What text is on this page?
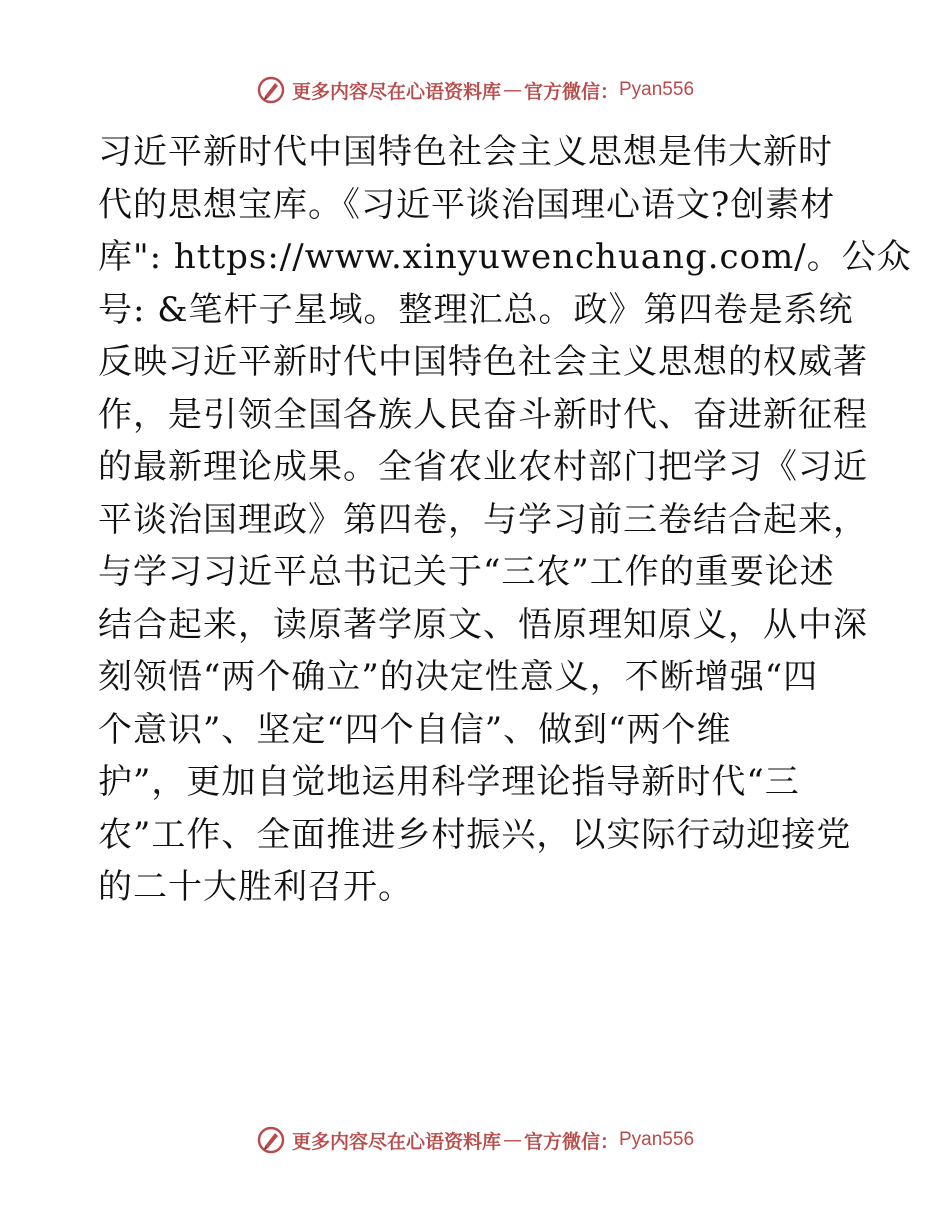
更多内容尽在心语资料库 — 官方微信： Pyan556
习近平新时代中国特色社会主义思想是伟大新时
代的思想宝库。《习近平谈治国理心语文?创素材
库": https://www.xinyuwenchuang.com/。公众
号: &笔杆子星域。整理汇总。政》第四卷是系统
反映习近平新时代中国特色社会主义思想的权威著
作，是引领全国各族人民奋斗新时代、奋进新征程
的最新理论成果。全省农业农村部门把学习《习近
平谈治国理政》第四卷，与学习前三卷结合起来，
与学习习近平总书记关于“三农”工作的重要论述
结合起来，读原著学原文、悟原理知原义，从中深
刻领悟“两个确立”的决定性意义，不断增强“四
个意识”、坚定“四个自信”、做到“两个维
护”，更加自觉地运用科学理论指导新时代“三
农”工作、全面推进乡村振兴，以实际行动迎接党
的二十大胜利召开。
更多内容尽在心语资料库 — 官方微信： Pyan556
